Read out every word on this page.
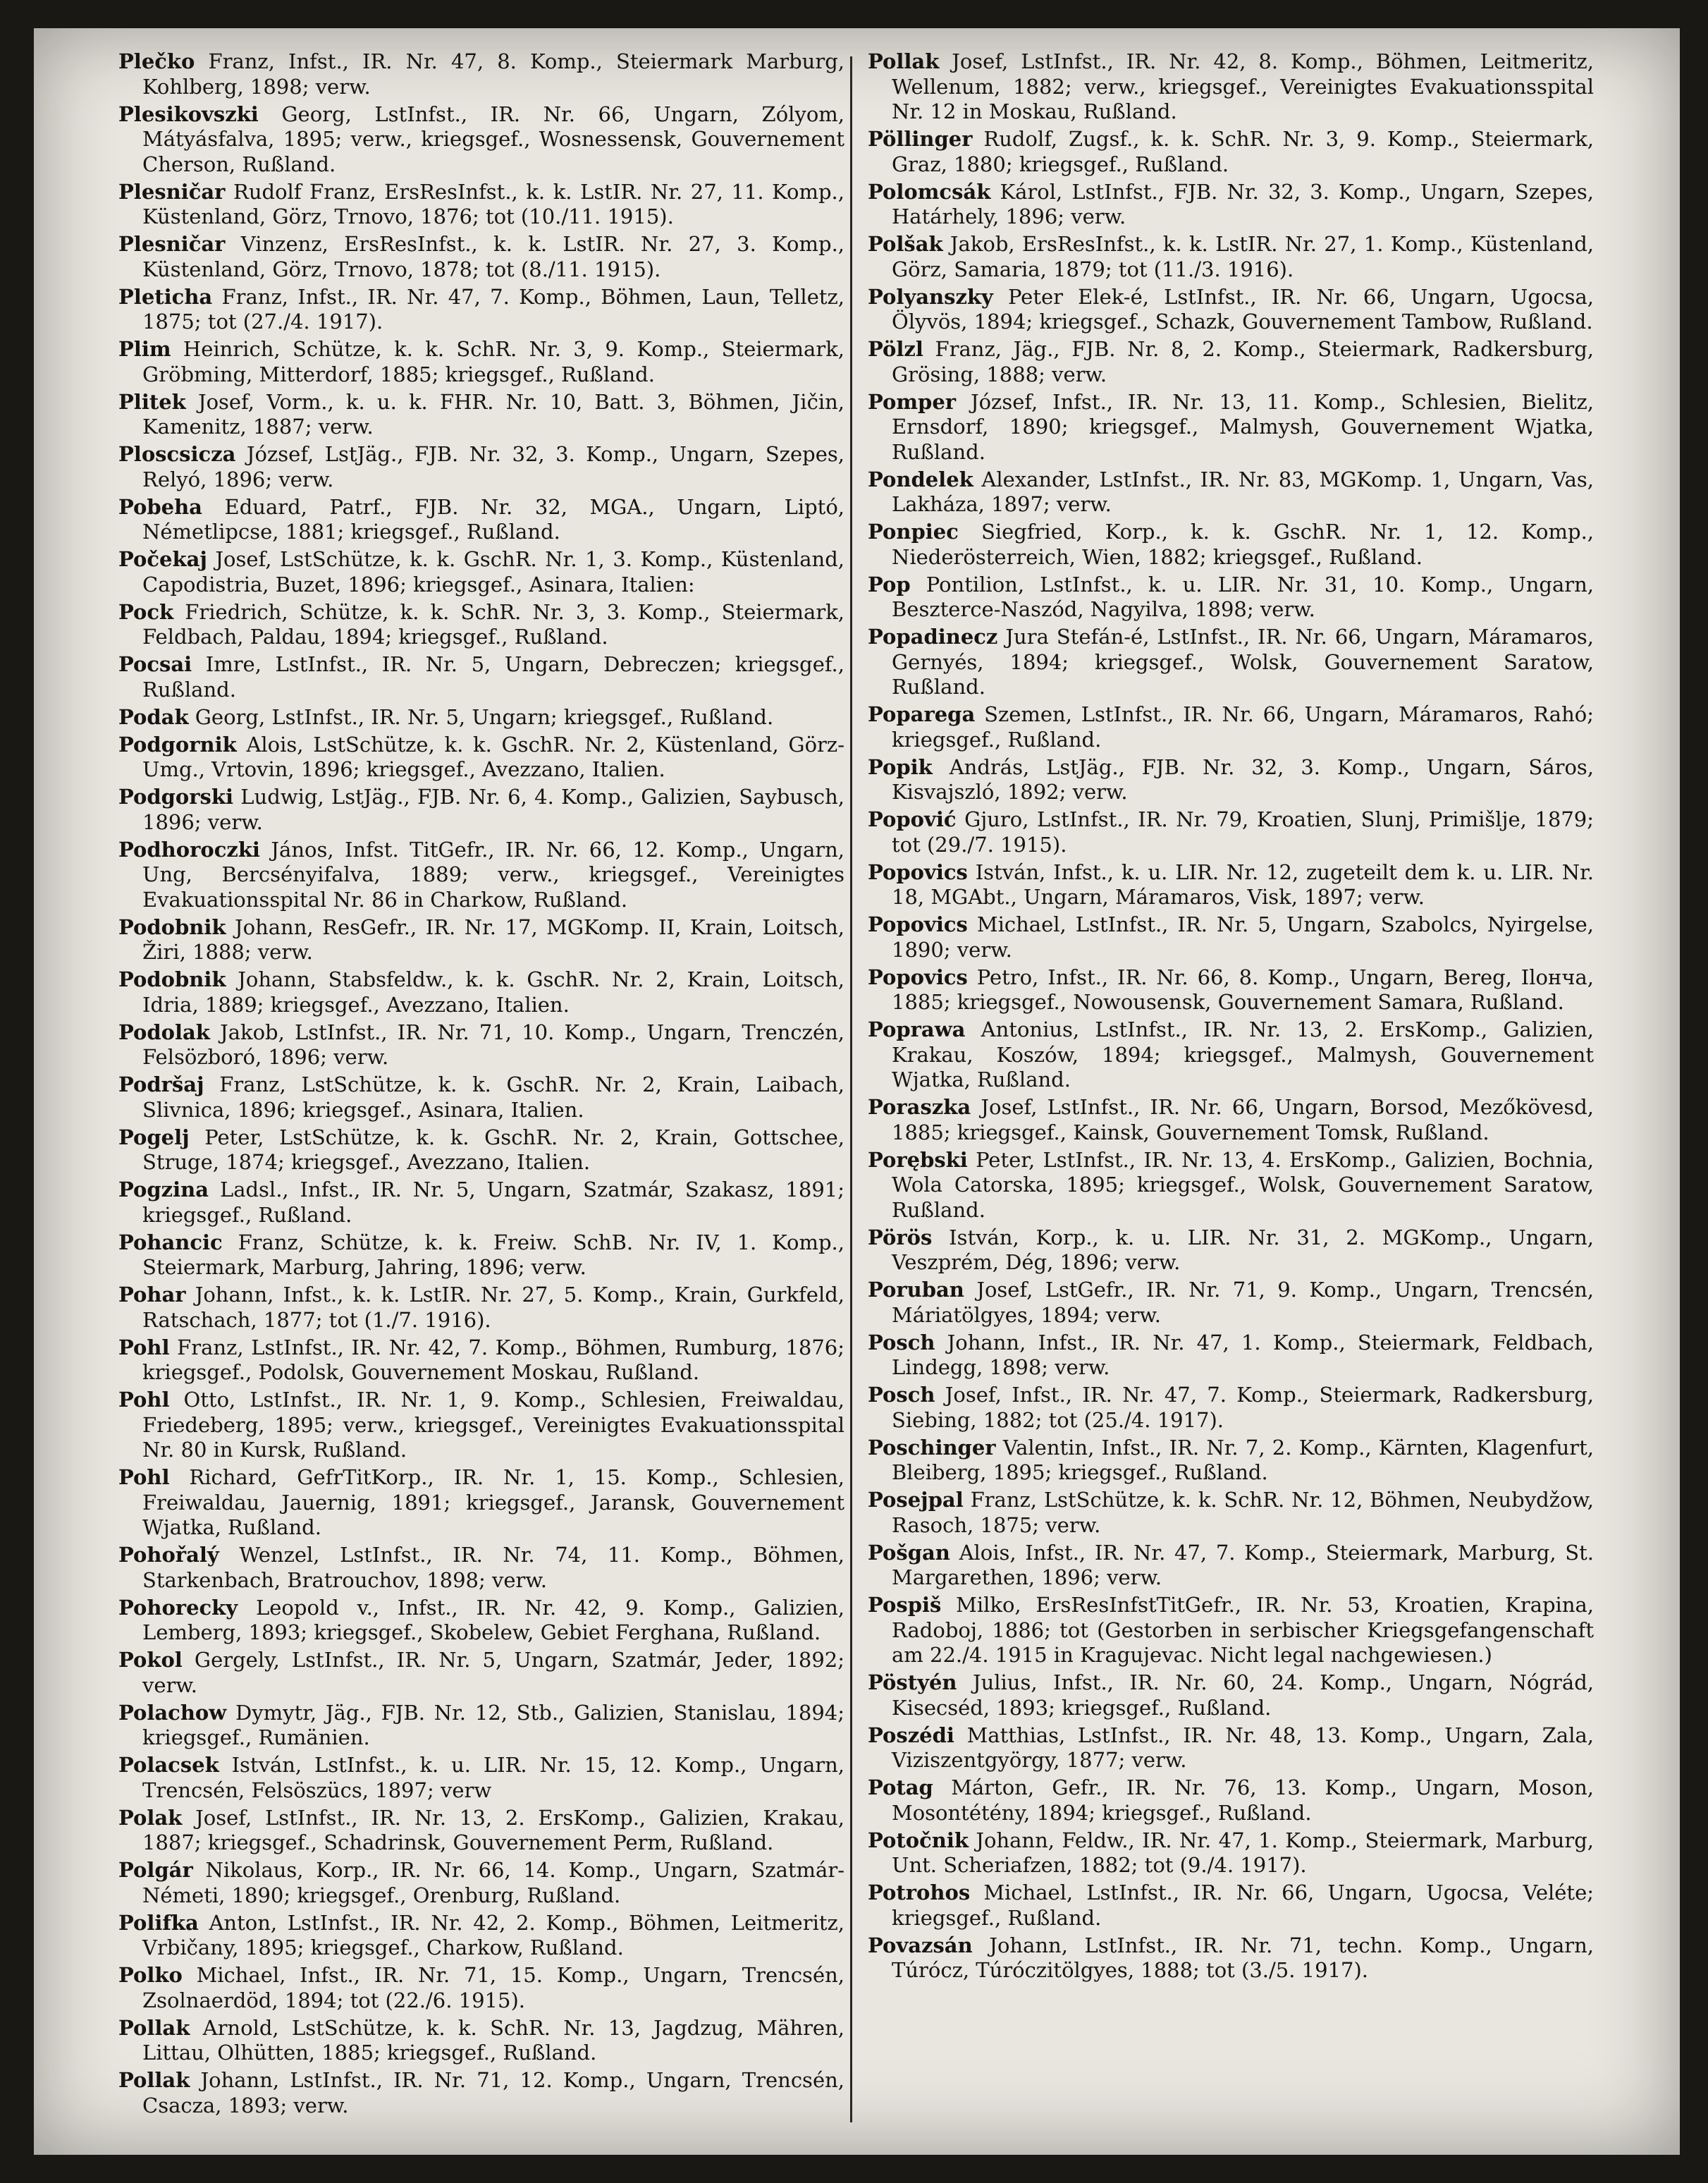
Plečko Franz, Infst., IR. Nr. 47, 8. Komp., Steiermark Marburg, Kohlberg, 1898; verw.

Plesikovszki Georg, LstInfst., IR. Nr. 66, Ungarn, Zólyom, Mátyásfalva, 1895; verw., kriegsgef., Wosnessensk, Gouvernement Cherson, Rußland.

Plesničar Rudolf Franz, ErsResInfst., k. k. LstIR. Nr. 27, 11. Komp., Küstenland, Görz, Trnovo, 1876; tot (10./11. 1915).

Plesničar Vinzenz, ErsResInfst., k. k. LstIR. Nr. 27, 3. Komp., Küstenland, Görz, Trnovo, 1878; tot (8./11. 1915).

Pleticha Franz, Infst., IR. Nr. 47, 7. Komp., Böhmen, Laun, Telletz, 1875; tot (27./4. 1917).

Plim Heinrich, Schütze, k. k. SchR. Nr. 3, 9. Komp., Steiermark, Gröbming, Mitterdorf, 1885; kriegsgef., Rußland.

Plitek Josef, Vorm., k. u. k. FHR. Nr. 10, Batt. 3, Böhmen, Jičin, Kamenitz, 1887; verw.

Ploscsicza József, LstJäg., FJB. Nr. 32, 3. Komp., Ungarn, Szepes, Relyó, 1896; verw.

Pobeha Eduard, Patrf., FJB. Nr. 32, MGA., Ungarn, Liptó, Németlipcse, 1881; kriegsgef., Rußland.

Počekaj Josef, LstSchütze, k. k. GschR. Nr. 1, 3. Komp., Küstenland, Capodistria, Buzet, 1896; kriegsgef., Asinara, Italien:

Pock Friedrich, Schütze, k. k. SchR. Nr. 3, 3. Komp., Steiermark, Feldbach, Paldau, 1894; kriegsgef., Rußland.

Pocsai Imre, LstInfst., IR. Nr. 5, Ungarn, Debreczen; kriegsgef., Rußland.

Podak Georg, LstInfst., IR. Nr. 5, Ungarn; kriegsgef., Rußland.

Podgornik Alois, LstSchütze, k. k. GschR. Nr. 2, Küstenland, Görz-Umg., Vrtovin, 1896; kriegsgef., Avezzano, Italien.

Podgorski Ludwig, LstJäg., FJB. Nr. 6, 4. Komp., Galizien, Saybusch, 1896; verw.

Podhoroczki János, Infst. TitGefr., IR. Nr. 66, 12. Komp., Ungarn, Ung, Bercsényifalva, 1889; verw., kriegsgef., Vereinigtes Evakuationsspital Nr. 86 in Charkow, Rußland.

Podobnik Johann, ResGefr., IR. Nr. 17, MGKomp. II, Krain, Loitsch, Žiri, 1888; verw.

Podobnik Johann, Stabsfeldw., k. k. GschR. Nr. 2, Krain, Loitsch, Idria, 1889; kriegsgef., Avezzano, Italien.

Podolak Jakob, LstInfst., IR. Nr. 71, 10. Komp., Ungarn, Trenczén, Felsözboró, 1896; verw.

Podršaj Franz, LstSchütze, k. k. GschR. Nr. 2, Krain, Laibach, Slivnica, 1896; kriegsgef., Asinara, Italien.

Pogelj Peter, LstSchütze, k. k. GschR. Nr. 2, Krain, Gottschee, Struge, 1874; kriegsgef., Avezzano, Italien.

Pogzina Ladsl., Infst., IR. Nr. 5, Ungarn, Szatmár, Szakasz, 1891; kriegsgef., Rußland.

Pohancic Franz, Schütze, k. k. Freiw. SchB. Nr. IV, 1. Komp., Steiermark, Marburg, Jahring, 1896; verw.

Pohar Johann, Infst., k. k. LstIR. Nr. 27, 5. Komp., Krain, Gurkfeld, Ratschach, 1877; tot (1./7. 1916).

Pohl Franz, LstInfst., IR. Nr. 42, 7. Komp., Böhmen, Rumburg, 1876; kriegsgef., Podolsk, Gouvernement Moskau, Rußland.

Pohl Otto, LstInfst., IR. Nr. 1, 9. Komp., Schlesien, Freiwaldau, Friedeberg, 1895; verw., kriegsgef., Vereinigtes Evakuationsspital Nr. 80 in Kursk, Rußland.

Pohl Richard, GefrTitKorp., IR. Nr. 1, 15. Komp., Schlesien, Freiwaldau, Jauernig, 1891; kriegsgef., Jaransk, Gouvernement Wjatka, Rußland.

Pohořalý Wenzel, LstInfst., IR. Nr. 74, 11. Komp., Böhmen, Starkenbach, Bratrouchov, 1898; verw.

Pohorecky Leopold v., Infst., IR. Nr. 42, 9. Komp., Galizien, Lemberg, 1893; kriegsgef., Skobelew, Gebiet Ferghana, Rußland.

Pokol Gergely, LstInfst., IR. Nr. 5, Ungarn, Szatmár, Jeder, 1892; verw.

Polachow Dymytr, Jäg., FJB. Nr. 12, Stb., Galizien, Stanislau, 1894; kriegsgef., Rumänien.

Polacsek István, LstInfst., k. u. LIR. Nr. 15, 12. Komp., Ungarn, Trencsén, Felsöszücs, 1897; verw

Polak Josef, LstInfst., IR. Nr. 13, 2. ErsKomp., Galizien, Krakau, 1887; kriegsgef., Schadrinsk, Gouvernement Perm, Rußland.

Polgár Nikolaus, Korp., IR. Nr. 66, 14. Komp., Ungarn, Szatmár-Németi, 1890; kriegsgef., Orenburg, Rußland.

Polifka Anton, LstInfst., IR. Nr. 42, 2. Komp., Böhmen, Leitmeritz, Vrbičany, 1895; kriegsgef., Charkow, Rußland.

Polko Michael, Infst., IR. Nr. 71, 15. Komp., Ungarn, Trencsén, Zsolnaerdöd, 1894; tot (22./6. 1915).

Pollak Arnold, LstSchütze, k. k. SchR. Nr. 13, Jagdzug, Mähren, Littau, Olhütten, 1885; kriegsgef., Rußland.

Pollak Johann, LstInfst., IR. Nr. 71, 12. Komp., Ungarn, Trencsén, Csacza, 1893; verw.

Pollak Josef, LstInfst., IR. Nr. 42, 8. Komp., Böhmen, Leitmeritz, Wellenum, 1882; verw., kriegsgef., Vereinigtes Evakuationsspital Nr. 12 in Moskau, Rußland.

Pöllinger Rudolf, Zugsf., k. k. SchR. Nr. 3, 9. Komp., Steiermark, Graz, 1880; kriegsgef., Rußland.

Polomcsák Károl, LstInfst., FJB. Nr. 32, 3. Komp., Ungarn, Szepes, Határhely, 1896; verw.

Polšak Jakob, ErsResInfst., k. k. LstIR. Nr. 27, 1. Komp., Küstenland, Görz, Samaria, 1879; tot (11./3. 1916).

Polyanszky Peter Elek-é, LstInfst., IR. Nr. 66, Ungarn, Ugocsa, Ölyvös, 1894; kriegsgef., Schazk, Gouvernement Tambow, Rußland.

Pölzl Franz, Jäg., FJB. Nr. 8, 2. Komp., Steiermark, Radkersburg, Grösing, 1888; verw.

Pomper József, Infst., IR. Nr. 13, 11. Komp., Schlesien, Bielitz, Ernsdorf, 1890; kriegsgef., Malmysh, Gouvernement Wjatka, Rußland.

Pondelek Alexander, LstInfst., IR. Nr. 83, MGKomp. 1, Ungarn, Vas, Lakháza, 1897; verw.

Ponpiec Siegfried, Korp., k. k. GschR. Nr. 1, 12. Komp., Niederösterreich, Wien, 1882; kriegsgef., Rußland.

Pop Pontilion, LstInfst., k. u. LIR. Nr. 31, 10. Komp., Ungarn, Beszterce-Naszód, Nagyilva, 1898; verw.

Popadinecz Jura Stefán-é, LstInfst., IR. Nr. 66, Ungarn, Máramaros, Gernyés, 1894; kriegsgef., Wolsk, Gouvernement Saratow, Rußland.

Poparega Szemen, LstInfst., IR. Nr. 66, Ungarn, Máramaros, Rahó; kriegsgef., Rußland.

Popik András, LstJäg., FJB. Nr. 32, 3. Komp., Ungarn, Sáros, Kisvajszló, 1892; verw.

Popović Gjuro, LstInfst., IR. Nr. 79, Kroatien, Slunj, Primišlje, 1879; tot (29./7. 1915).

Popovics István, Infst., k. u. LIR. Nr. 12, zugeteilt dem k. u. LIR. Nr. 18, MGAbt., Ungarn, Máramaros, Visk, 1897; verw.

Popovics Michael, LstInfst., IR. Nr. 5, Ungarn, Szabolcs, Nyirgelse, 1890; verw.

Popovics Petro, Infst., IR. Nr. 66, 8. Komp., Ungarn, Bereg, Ilончa, 1885; kriegsgef., Nowousensk, Gouvernement Samara, Rußland.

Poprawa Antonius, LstInfst., IR. Nr. 13, 2. ErsKomp., Galizien, Krakau, Koszów, 1894; kriegsgef., Malmysh, Gouvernement Wjatka, Rußland.

Poraszka Josef, LstInfst., IR. Nr. 66, Ungarn, Borsod, Mezőkövesd, 1885; kriegsgef., Kainsk, Gouvernement Tomsk, Rußland.

Porębski Peter, LstInfst., IR. Nr. 13, 4. ErsKomp., Galizien, Bochnia, Wola Catorska, 1895; kriegsgef., Wolsk, Gouvernement Saratow, Rußland.

Pörös István, Korp., k. u. LIR. Nr. 31, 2. MGKomp., Ungarn, Veszprém, Dég, 1896; verw.

Poruban Josef, LstGefr., IR. Nr. 71, 9. Komp., Ungarn, Trencsén, Máriatölgyes, 1894; verw.

Posch Johann, Infst., IR. Nr. 47, 1. Komp., Steiermark, Feldbach, Lindegg, 1898; verw.

Posch Josef, Infst., IR. Nr. 47, 7. Komp., Steiermark, Radkersburg, Siebing, 1882; tot (25./4. 1917).

Poschinger Valentin, Infst., IR. Nr. 7, 2. Komp., Kärnten, Klagenfurt, Bleiberg, 1895; kriegsgef., Rußland.

Posejpal Franz, LstSchütze, k. k. SchR. Nr. 12, Böhmen, Neubydžow, Rasoch, 1875; verw.

Pošgan Alois, Infst., IR. Nr. 47, 7. Komp., Steiermark, Marburg, St. Margarethen, 1896; verw.

Pospiš Milko, ErsResInfstTitGefr., IR. Nr. 53, Kroatien, Krapina, Radoboj, 1886; tot (Gestorben in serbischer Kriegsgefangenschaft am 22./4. 1915 in Kragujevac. Nicht legal nachgewiesen.)

Pöstyén Julius, Infst., IR. Nr. 60, 24. Komp., Ungarn, Nógrád, Kisecséd, 1893; kriegsgef., Rußland.

Poszédi Matthias, LstInfst., IR. Nr. 48, 13. Komp., Ungarn, Zala, Viziszentgyörgy, 1877; verw.

Potag Márton, Gefr., IR. Nr. 76, 13. Komp., Ungarn, Moson, Mosontétény, 1894; kriegsgef., Rußland.

Potočnik Johann, Feldw., IR. Nr. 47, 1. Komp., Steiermark, Marburg, Unt. Scheriafzen, 1882; tot (9./4. 1917).

Potrohos Michael, LstInfst., IR. Nr. 66, Ungarn, Ugocsa, Veléte; kriegsgef., Rußland.

Povazsán Johann, LstInfst., IR. Nr. 71, techn. Komp., Ungarn, Túrócz, Túróczitölgyes, 1888; tot (3./5. 1917).
